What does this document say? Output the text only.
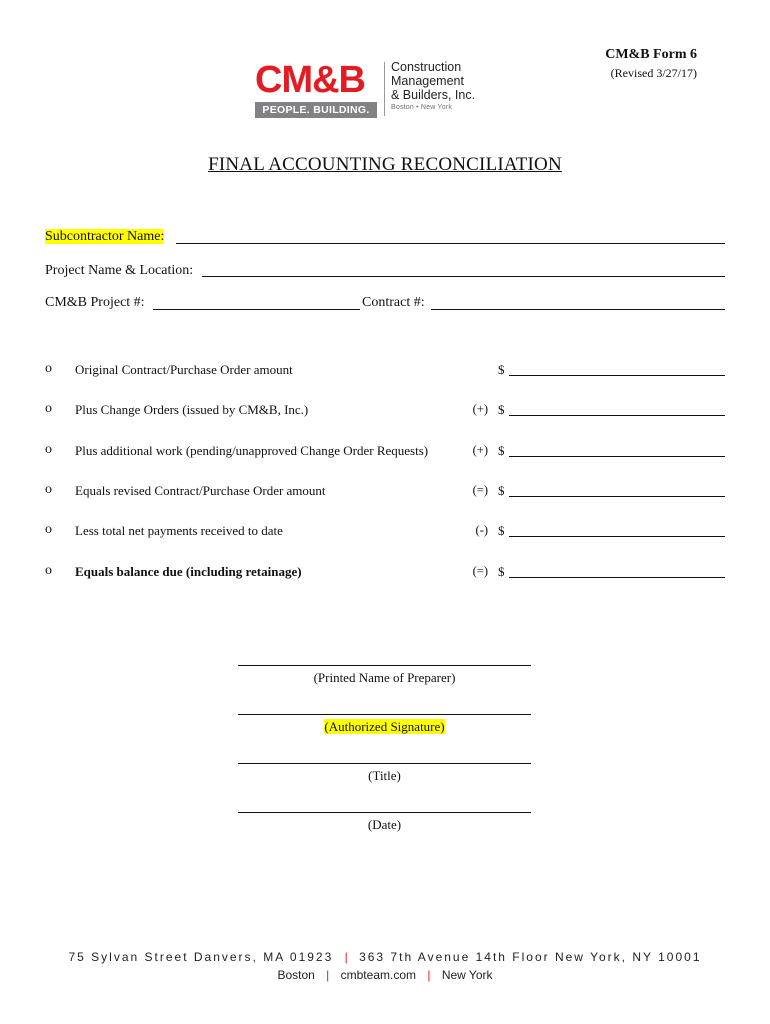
CM&B Form 6
(Revised 3/27/17)
CM&B
PEOPLE. BUILDING.
Construction
Management
& Builders, Inc.
Boston • New York
FINAL ACCOUNTING RECONCILIATION
Subcontractor Name:
Project Name & Location:
CM&B Project #:	Contract #:
o Original Contract/Purchase Order amount	$
o Plus Change Orders (issued by CM&B, Inc.)	(+) $
o Plus additional work (pending/unapproved Change Order Requests)	(+) $
o Equals revised Contract/Purchase Order amount	(=) $
o Less total net payments received to date	(-) $
o Equals balance due (including retainage)	(=) $
(Printed Name of Preparer)
(Authorized Signature)
(Title)
(Date)
75 Sylvan Street Danvers, MA 01923 | 363 7th Avenue 14th Floor New York, NY 10001
Boston | cmbteam.com | New York
